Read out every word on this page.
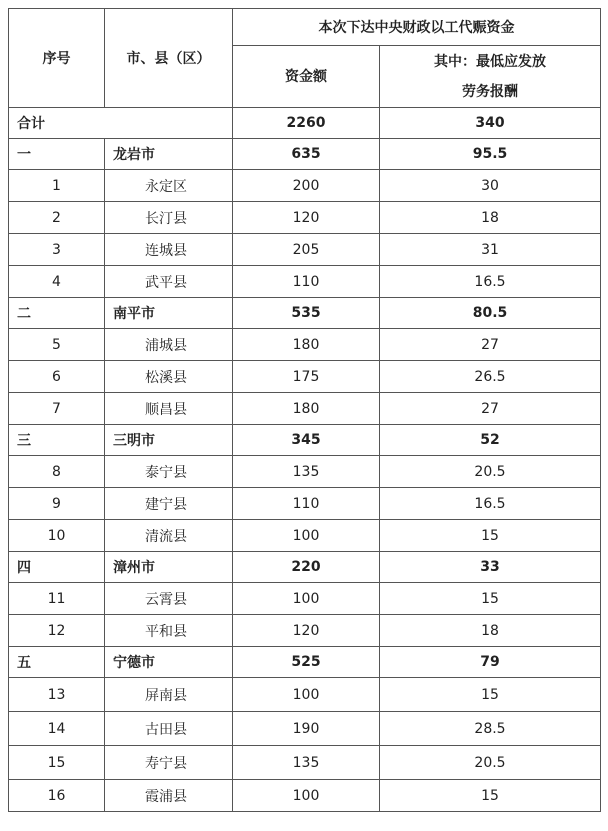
序号	市、县（区）	本次下达中央财政以工代赈资金	
		资金额	其中：最低应发放
劳务报酬

合计		2260	340
一	龙岩市	635	95.5
1	永定区	200	30
2	长汀县	120	18
3	连城县	205	31
4	武平县	110	16.5
二	南平市	535	80.5
5	浦城县	180	27
6	松溪县	175	26.5
7	顺昌县	180	27
三	三明市	345	52
8	泰宁县	135	20.5
9	建宁县	110	16.5
10	清流县	100	15
四	漳州市	220	33
11	云霄县	100	15
12	平和县	120	18
五	宁德市	525	79
13	屏南县	100	15
14	古田县	190	28.5
15	寿宁县	135	20.5
16	霞浦县	100	15
